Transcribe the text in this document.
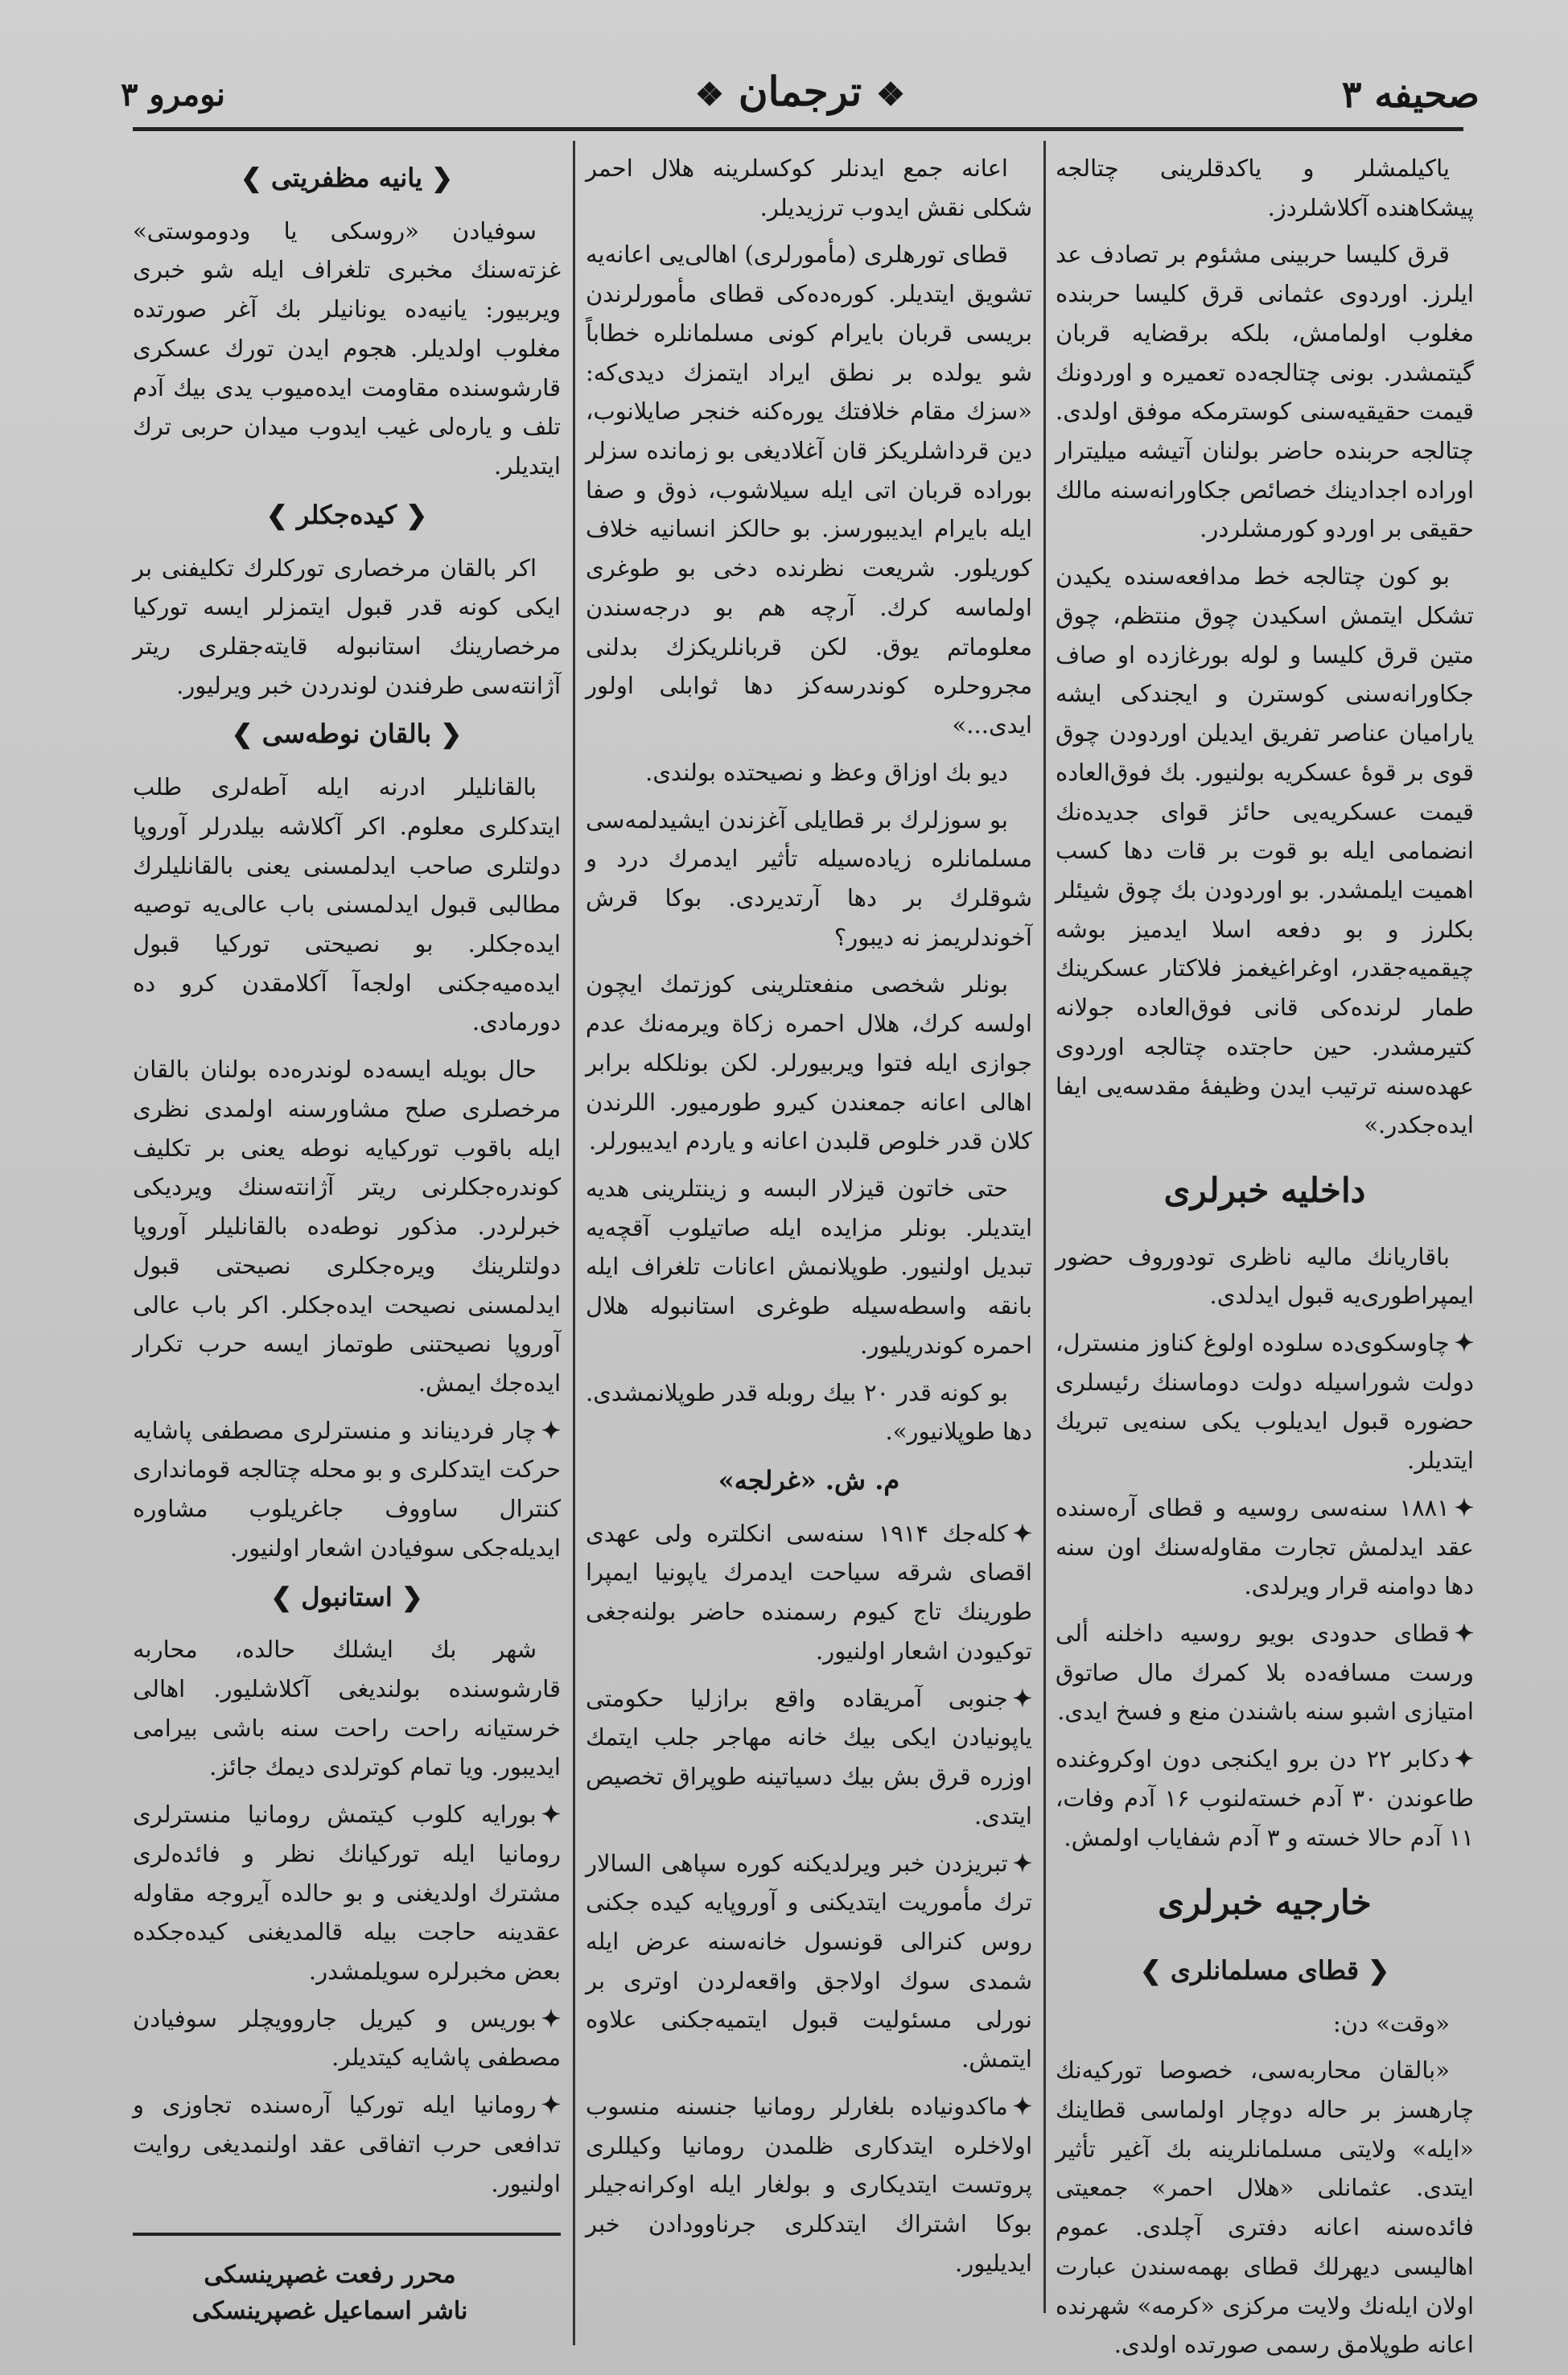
صحیفه ۳
❖ترجمان❖
نومرو ۳

یاکیلمشلر و یاکدقلرینی چتالجه پیشکاهنده آکلاشلردز.

قرق کلیسا حربینی مشئوم بر تصادف عد ایلرز. اوردوی عثمانی قرق کلیسا حربنده مغلوب اولمامش، بلکه برقضایه قربان گیتمشدر. بونی چتالجه‌ده تعمیره و اوردونك قیمت حقیقیه‌سنی کوسترمکه موفق اولدی. چتالجه حربنده حاضر بولنان آتیشه میلیترار اوراده اجدادینك خصائص جکاورانه‌سنه مالك حقیقی بر اوردو کورمشلردر.

بو کون چتالجه خط مدافعه‌سنده یکیدن تشکل ایتمش اسکیدن چوق منتظم، چوق متین قرق کلیسا و لوله بورغازده او صاف جکاورانه‌سنی کوسترن و ایجندکی ایشه یارامیان عناصر تفریق ایدیلن اوردودن چوق قوی بر قوهٔ عسکریه بولنیور. بك فوق‌العاده قیمت عسکریه‌یی حائز قوای جدیده‌نك انضمامی ایله بو قوت بر قات دها کسب اهمیت ایلمشدر. بو اوردودن بك چوق شیئلر بکلرز و بو دفعه اسلا ایدمیز بوشه چیقمیه‌جقدر، اوغراغیغمز فلاکتار عسکرینك طمار لرنده‌کی قانی فوق‌العاده جولانه کتیرمشدر. حین حاجتده چتالجه اوردوی عهده‌سنه ترتیب ایدن وظیفهٔ مقدسه‌یی ایفا ایده‌جکدر.»

داخلیه خبرلری

باقاریانك مالیه ناظری تودوروف حضور ایمپراطوری‌یه قبول ایدلدی.

✦چاوسکوی‌ده سلوده اولوغ کناوز منسترل، دولت شوراسیله دولت دوماسنك رئیسلری حضوره قبول ایدیلوب یکی سنه‌یی تبریك ایتدیلر.

✦۱۸۸۱ سنه‌سی روسیه و قطای آره‌سنده عقد ایدلمش تجارت مقاوله‌سنك اون سنه دها دوامنه قرار ویرلدی.

✦قطای حدودی بویو روسیه داخلنه ألی ورست مسافه‌ده بلا کمرك مال صاتوق امتیازی اشبو سنه باشندن منع و فسخ ایدی.

✦دکابر ۲۲ دن برو ایکنجی دون اوکروغنده طاعوندن ۳۰ آدم خسته‌لنوب ۱۶ آدم وفات، ۱۱ آدم حالا خسته و ۳ آدم شفایاب اولمش.

خارجیه خبرلری

❮ قطای مسلمانلری ❯

«وقت» دن:

«بالقان محاربه‌سی، خصوصا تورکیه‌نك چارهسز بر حاله دوچار اولماسی قطاینك «ایله» ولایتی مسلمانلرینه بك آغیر تأثیر ایتدی. عثمانلی «هلال احمر» جمعیتی فائده‌سنه اعانه دفتری آچلدی. عموم اهالیسی دیهرلك قطای بهمه‌سندن عبارت اولان ایله‌نك ولایت مرکزی «کرمه» شهرنده اعانه طوپلامق رسمی صورتده اولدی.

اعانه جمع ایدنلر کوکسلرینه هلال احمر شکلی نقش ایدوب ترزیدیلر.

قطای تورهلری (مأمورلری) اهالی‌یی اعانه‌یه تشویق ایتدیلر. کوره‌ده‌کی قطای مأمورلرندن بریسی قربان بایرام کونی مسلمانلره خطاباً شو یولده بر نطق ایراد ایتمزك دیدی‌که: «سزك مقام خلافتك یوره‌کنه خنجر صایلانوب، دین قرداشلریکز قان آغلادیغی بو زمانده سزلر بوراده قربان اتی ایله سیلاشوب، ذوق و صفا ایله بایرام ایدیبورسز. بو حالکز انسانیه خلاف کوریلور. شریعت نظرنده دخی بو طوغری اولماسه کرك. آرچه هم بو درجه‌سندن معلوماتم یوق. لکن قربانلریکزك بدلنی مجروحلره کوندرسه‌کز دها ثوابلی اولور ایدی...»

دیو بك اوزاق وعظ و نصیحتده بولندی.

بو سوزلرك بر قطایلی آغزندن ایشیدلمه‌سی مسلمانلره زیاده‌سیله تأثیر ایدمرك درد و شوقلرك بر دها آرتدیردی. بوکا قرش آخوندلریمز نه دیبور؟

بونلر شخصی منفعتلرینی کوزتمك ایچون اولسه کرك، هلال احمره زکاة ویرمه‌نك عدم جوازی ایله فتوا ویربیورلر. لکن بونلکله برابر اهالی اعانه جمعندن کیرو طورمیور. اللرندن کلان قدر خلوص قلبدن اعانه و یاردم ایدیبورلر.

حتی خاتون قیزلار البسه و زینتلرینی هدیه ایتدیلر. بونلر مزایده ایله صاتیلوب آقچه‌یه تبدیل اولنیور. طوپلانمش اعانات تلغراف ایله بانقه واسطه‌سیله طوغری استانبوله هلال احمره کوندریلیور.

بو کونه قدر ۲۰ بیك روبله قدر طوپلانمشدی. دها طوپلانیور».

م. ش. «غرلجه»

✦کله‌جك ۱۹۱۴ سنه‌سی انکلتره ولی عهدی اقصای شرقه سیاحت ایدمرك یاپونیا ایمپرا طورینك تاج کیوم رسمنده حاضر بولنه‌جغی توکیودن اشعار اولنیور.

✦جنوبی آمریقاده واقع برازلیا حکومتی یاپونیادن ایکی بیك خانه مهاجر جلب ایتمك اوزره قرق بش بیك دسیاتینه طوپراق تخصیص ایتدی.

✦تبریزدن خبر ویرلدیکنه کوره سپاهی السالار ترك مأموریت ایتدیکنی و آوروپایه کیده جکنی روس کنرالی قونسول خانه‌سنه عرض ایله شمدی سوك اولاجق واقعه‌لردن اوتری بر نورلی مسئولیت قبول ایتمیه‌جکنی علاوه ایتمش.

✦ماکدونیاده بلغارلر رومانیا جنسنه منسوب اولاخلره ایتدکاری ظلمدن رومانیا وکیللری پروتست ایتدیکاری و بولغار ایله اوکرانه‌جیلر بوکا اشتراك ایتدکلری جرناوودادن خبر ایدیلیور.

❮ یانیه مظفریتی ❯

سوفیادن «روسکی یا ودوموستی» غزته‌سنك مخبری تلغراف ایله شو خبری ویربیور: یانیه‌ده یونانیلر بك آغر صورتده مغلوب اولدیلر. هجوم ایدن تورك عسکری قارشوسنده مقاومت ایده‌میوب یدی بیك آدم تلف و یارەلی غیب ایدوب میدان حربی ترك ایتدیلر.

❮ کیده‌جکلر ❯

اکر بالقان مرخصاری تورکلرك تکلیفنی بر ایکی کونه قدر قبول ایتمزلر ایسه تورکیا مرخصارینك استانبوله قایته‌جقلری ریتر آژانته‌سی طرفندن لوندردن خبر ویرلیور.

❮ بالقان نوطه‌سی ❯

بالقانلیلر ادرنه ایله آطه‌لری طلب ایتدکلری معلوم. اکر آکلاشه بیلدرلر آوروپا دولتلری صاحب ایدلمسنی یعنی بالقانلیلرك مطالبی قبول ایدلمسنی باب عالی‌یه توصیه ایده‌جکلر. بو نصیحتی تورکیا قبول ایده‌میه‌جکنی اولجه‌آ آکلامقدن کرو ده دورمادی.

حال بویله ایسه‌ده لوندره‌ده بولنان بالقان مرخصلری صلح مشاورسنه اولمدی نظری ایله باقوب تورکیایه نوطه یعنی بر تکلیف کوندرەجکلرنی ریتر آژانته‌سنك ویردیکی خبرلردر. مذکور نوطه‌ده بالقانلیلر آوروپا دولتلرینك ویره‌جکلری نصیحتی قبول ایدلمسنی نصیحت ایده‌جکلر. اکر باب عالی آوروپا نصیحتنی طوتماز ایسه حرب تکرار ایده‌جك ایمش.

✦چار فردیناند و منسترلری مصطفی پاشایه حرکت ایتدکلری و بو محله چتالجه قومانداری کنترال ساووف جاغریلوب مشاوره ایدیله‌جکی سوفیادن اشعار اولنیور.

❮ استانبول ❯

شهر بك ایشلك حالده، محاربه قارشوسنده بولندیغی آکلاشلیور. اهالی خرستیانه راحت راحت سنه باشی بیرامی ایدیبور. ویا تمام کوترلدی دیمك جائز.

✦بورایه کلوب کیتمش رومانیا منسترلری رومانیا ایله تورکیانك نظر و فائده‌لری مشترك اولدیغنی و بو حالده آیروجه مقاوله عقدینه حاجت بیله قالمدیغنی کیده‌جکده بعض مخبرلره سویلمشدر.

✦بوریس و کیریل جاروویچلر سوفیادن مصطفی پاشایه کیتدیلر.

✦رومانیا ایله تورکیا آره‌سنده تجاوزی و تدافعی حرب اتفاقی عقد اولنمدیغی روایت اولنیور.

محرر رفعت غصپرینسکی
ناشر اسماعیل غصپرینسکی
